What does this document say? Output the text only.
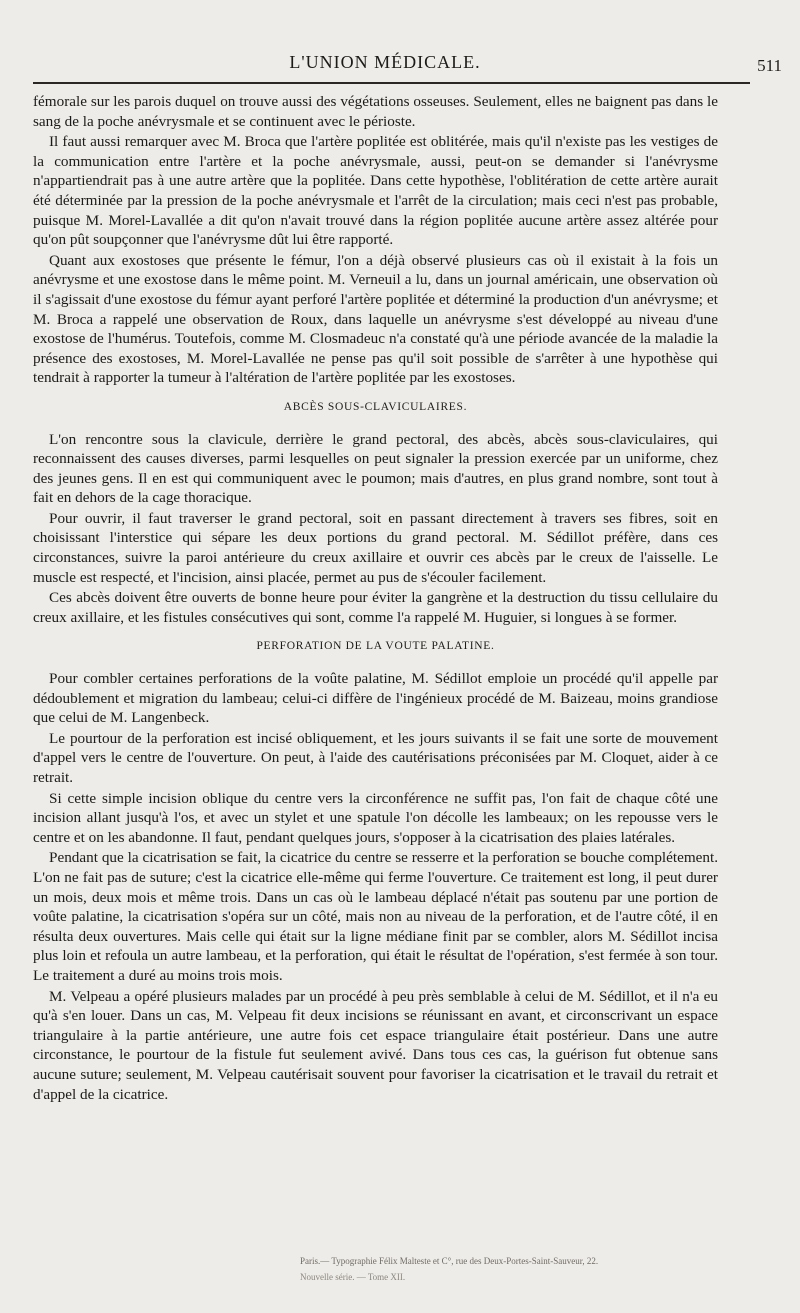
L'UNION MÉDICALE.	511

fémorale sur les parois duquel on trouve aussi des végétations osseuses. Seulement, elles ne baignent pas dans le sang de la poche anévrysmale et se continuent avec le périoste.

Il faut aussi remarquer avec M. Broca que l'artère poplitée est oblitérée, mais qu'il n'existe pas les vestiges de la communication entre l'artère et la poche anévrysmale, aussi, peut-on se demander si l'anévrysme n'appartiendrait pas à une autre artère que la poplitée. Dans cette hypothèse, l'oblitération de cette artère aurait été déterminée par la pression de la poche anévrysmale et l'arrêt de la circulation; mais ceci n'est pas probable, puisque M. Morel-Lavallée a dit qu'on n'avait trouvé dans la région poplitée aucune artère assez altérée pour qu'on pût soupçonner que l'anévrysme dût lui être rapporté.

Quant aux exostoses que présente le fémur, l'on a déjà observé plusieurs cas où il existait à la fois un anévrysme et une exostose dans le même point. M. Verneuil a lu, dans un journal américain, une observation où il s'agissait d'une exostose du fémur ayant perforé l'artère poplitée et déterminé la production d'un anévrysme; et M. Broca a rappelé une observation de Roux, dans laquelle un anévrysme s'est développé au niveau d'une exostose de l'humérus. Toutefois, comme M. Closmadeuc n'a constaté qu'à une période avancée de la maladie la présence des exostoses, M. Morel-Lavallée ne pense pas qu'il soit possible de s'arrêter à une hypothèse qui tendrait à rapporter la tumeur à l'altération de l'artère poplitée par les exostoses.

ABCÈS SOUS-CLAVICULAIRES.

L'on rencontre sous la clavicule, derrière le grand pectoral, des abcès, abcès sous-claviculaires, qui reconnaissent des causes diverses, parmi lesquelles on peut signaler la pression exercée par un uniforme, chez des jeunes gens. Il en est qui communiquent avec le poumon; mais d'autres, en plus grand nombre, sont tout à fait en dehors de la cage thoracique.

Pour ouvrir, il faut traverser le grand pectoral, soit en passant directement à travers ses fibres, soit en choisissant l'interstice qui sépare les deux portions du grand pectoral. M. Sédillot préfère, dans ces circonstances, suivre la paroi antérieure du creux axillaire et ouvrir ces abcès par le creux de l'aisselle. Le muscle est respecté, et l'incision, ainsi placée, permet au pus de s'écouler facilement.

Ces abcès doivent être ouverts de bonne heure pour éviter la gangrène et la destruction du tissu cellulaire du creux axillaire, et les fistules consécutives qui sont, comme l'a rappelé M. Huguier, si longues à se former.

PERFORATION DE LA VOUTE PALATINE.

Pour combler certaines perforations de la voûte palatine, M. Sédillot emploie un procédé qu'il appelle par dédoublement et migration du lambeau; celui-ci diffère de l'ingénieux procédé de M. Baizeau, moins grandiose que celui de M. Langenbeck.

Le pourtour de la perforation est incisé obliquement, et les jours suivants il se fait une sorte de mouvement d'appel vers le centre de l'ouverture. On peut, à l'aide des cautérisations préconisées par M. Cloquet, aider à ce retrait.

Si cette simple incision oblique du centre vers la circonférence ne suffit pas, l'on fait de chaque côté une incision allant jusqu'à l'os, et avec un stylet et une spatule l'on décolle les lambeaux; on les repousse vers le centre et on les abandonne. Il faut, pendant quelques jours, s'opposer à la cicatrisation des plaies latérales.

Pendant que la cicatrisation se fait, la cicatrice du centre se resserre et la perforation se bouche complétement. L'on ne fait pas de suture; c'est la cicatrice elle-même qui ferme l'ouverture. Ce traitement est long, il peut durer un mois, deux mois et même trois. Dans un cas où le lambeau déplacé n'était pas soutenu par une portion de voûte palatine, la cicatrisation s'opéra sur un côté, mais non au niveau de la perforation, et de l'autre côté, il en résulta deux ouvertures. Mais celle qui était sur la ligne médiane finit par se combler, alors M. Sédillot incisa plus loin et refoula un autre lambeau, et la perforation, qui était le résultat de l'opération, s'est fermée à son tour. Le traitement a duré au moins trois mois.

M. Velpeau a opéré plusieurs malades par un procédé à peu près semblable à celui de M. Sédillot, et il n'a eu qu'à s'en louer. Dans un cas, M. Velpeau fit deux incisions se réunissant en avant, et circonscrivant un espace triangulaire à la partie antérieure, une autre fois cet espace triangulaire était postérieur. Dans une autre circonstance, le pourtour de la fistule fut seulement avivé. Dans tous ces cas, la guérison fut obtenue sans aucune suture; seulement, M. Velpeau cautérisait souvent pour favoriser la cicatrisation et le travail du retrait et d'appel de la cicatrice.

Paris.— Typographie Félix Malteste et C°, rue des Deux-Portes-Saint-Sauveur, 22.
Nouvelle série. — Tome XII.
